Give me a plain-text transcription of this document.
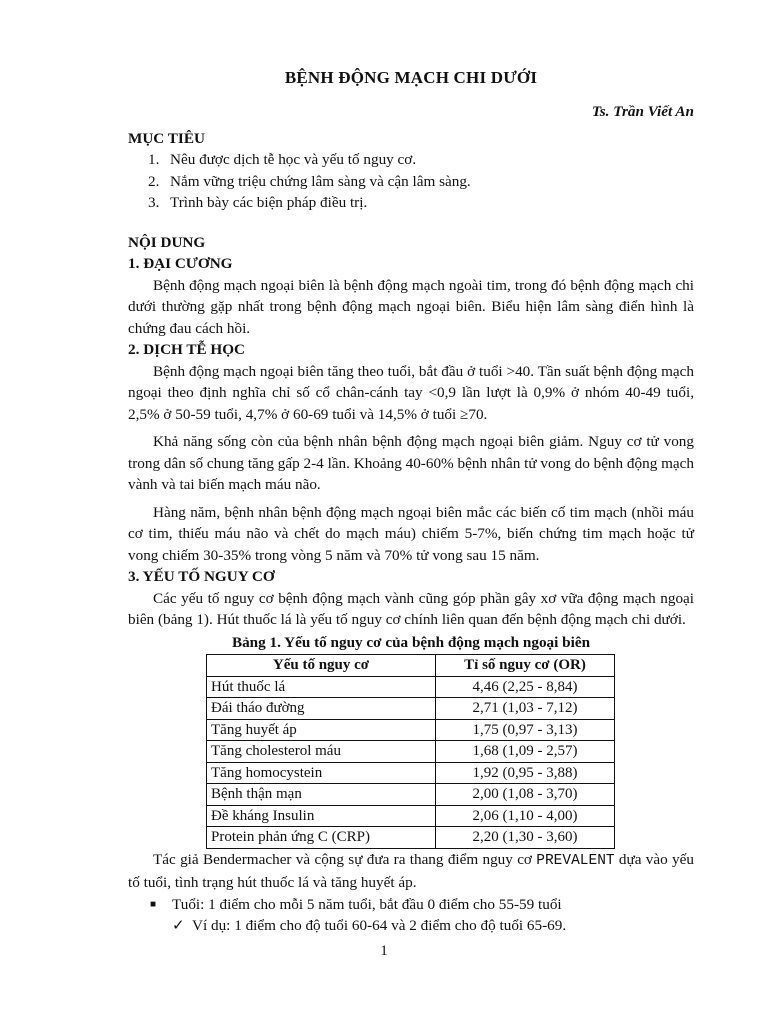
BỆNH ĐỘNG MẠCH CHI DƯỚI
Ts. Trần Viết An
MỤC TIÊU
1. Nêu được dịch tễ học và yếu tố nguy cơ.
2. Nắm vững triệu chứng lâm sàng và cận lâm sàng.
3. Trình bày các biện pháp điều trị.
NỘI DUNG
1. ĐẠI CƯƠNG

Bệnh động mạch ngoại biên là bệnh động mạch ngoài tim, trong đó bệnh động mạch chi dưới thường gặp nhất trong bệnh động mạch ngoại biên. Biểu hiện lâm sàng điển hình là chứng đau cách hồi.

2. DỊCH TỄ HỌC

Bệnh động mạch ngoại biên tăng theo tuổi, bắt đầu ở tuổi >40. Tần suất bệnh động mạch ngoại theo định nghĩa chỉ số cổ chân-cánh tay <0,9 lần lượt là 0,9% ở nhóm 40-49 tuổi, 2,5% ở 50-59 tuổi, 4,7% ở 60-69 tuổi và 14,5% ở tuổi ≥70.

Khả năng sống còn của bệnh nhân bệnh động mạch ngoại biên giảm. Nguy cơ tử vong trong dân số chung tăng gấp 2-4 lần. Khoảng 40-60% bệnh nhân tử vong do bệnh động mạch vành và tai biến mạch máu não.

Hàng năm, bệnh nhân bệnh động mạch ngoại biên mắc các biến cố tim mạch (nhồi máu cơ tim, thiếu máu não và chết do mạch máu) chiếm 5-7%, biến chứng tim mạch hoặc tử vong chiếm 30-35% trong vòng 5 năm và 70% tử vong sau 15 năm.

3. YẾU TỐ NGUY CƠ

Các yếu tố nguy cơ bệnh động mạch vành cũng góp phần gây xơ vữa động mạch ngoại biên (bảng 1). Hút thuốc lá là yếu tố nguy cơ chính liên quan đến bệnh động mạch chi dưới.

Bảng 1. Yếu tố nguy cơ của bệnh động mạch ngoại biên
Yếu tố nguy cơ	Tỉ số nguy cơ (OR)
Hút thuốc lá	4,46 (2,25 - 8,84)
Đái tháo đường	2,71 (1,03 - 7,12)
Tăng huyết áp	1,75 (0,97 - 3,13)
Tăng cholesterol máu	1,68 (1,09 - 2,57)
Tăng homocystein	1,92 (0,95 - 3,88)
Bệnh thận mạn	2,00 (1,08 - 3,70)
Đề kháng Insulin	2,06 (1,10 - 4,00)
Protein phản ứng C (CRP)	2,20 (1,30 - 3,60)

Tác giả Bendermacher và cộng sự đưa ra thang điểm nguy cơ PREVALENT dựa vào yếu tố tuổi, tình trạng hút thuốc lá và tăng huyết áp.

■	Tuổi: 1 điểm cho mỗi 5 năm tuổi, bắt đầu 0 điểm cho 55-59 tuổi
✓ Ví dụ: 1 điểm cho độ tuổi 60-64 và 2 điểm cho độ tuổi 65-69.
1
